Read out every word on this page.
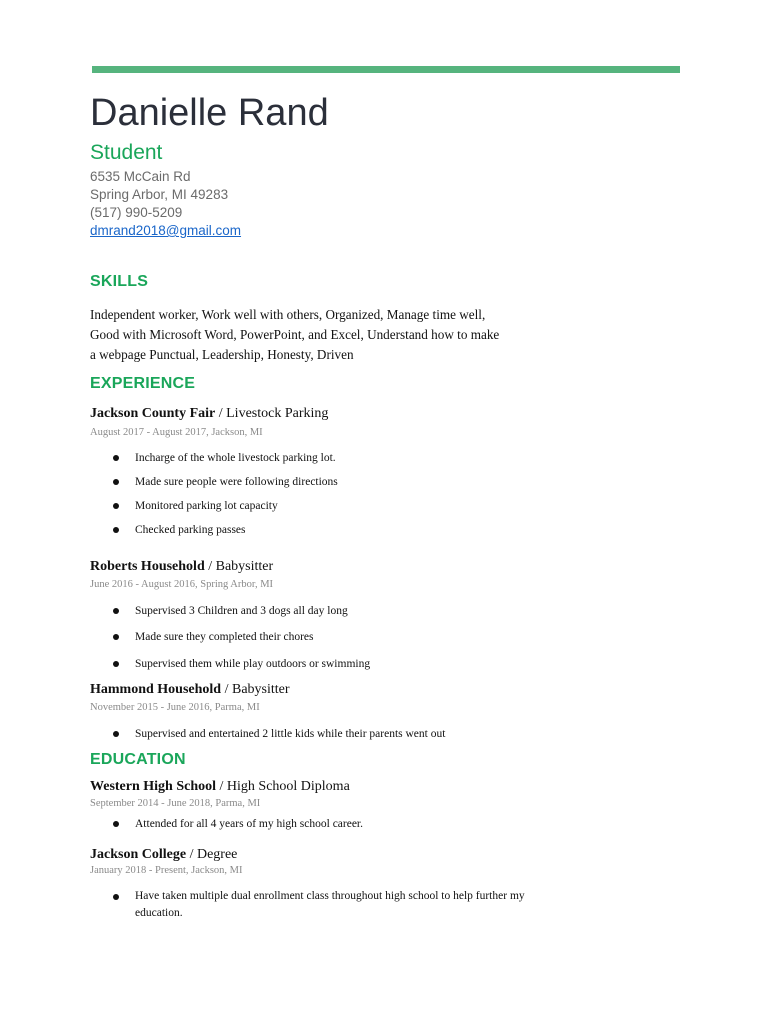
Danielle Rand
Student
6535 McCain Rd
Spring Arbor, MI 49283
(517) 990-5209
dmrand2018@gmail.com
SKILLS
Independent worker, Work well with others, Organized, Manage time well,
Good with Microsoft Word, PowerPoint, and Excel, Understand how to make
a webpage Punctual, Leadership, Honesty, Driven
EXPERIENCE
Jackson County Fair / Livestock Parking
August 2017 - August 2017, Jackson, MI
Incharge of the whole livestock parking lot.
Made sure people were following directions
Monitored parking lot capacity
Checked parking passes
Roberts Household / Babysitter
June 2016 - August 2016, Spring Arbor, MI
Supervised 3 Children and 3 dogs all day long
Made sure they completed their chores
Supervised them while play outdoors or swimming
Hammond Household / Babysitter
November 2015 - June 2016, Parma, MI
Supervised and entertained 2 little kids while their parents went out
EDUCATION
Western High School / High School Diploma
September 2014 - June 2018, Parma, MI
Attended for all 4 years of my high school career.
Jackson College / Degree
January 2018 - Present, Jackson, MI
Have taken multiple dual enrollment class throughout high school to help further my education.
